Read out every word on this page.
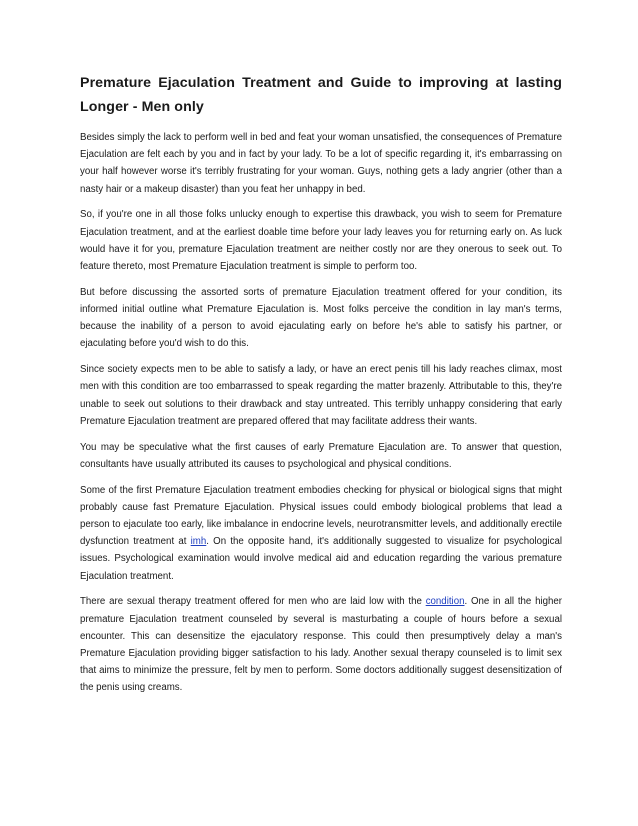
Premature Ejaculation Treatment and Guide to improving at lasting Longer - Men only

Besides simply the lack to perform well in bed and feat your woman unsatisfied, the consequences of Premature Ejaculation are felt each by you and in fact by your lady. To be a lot of specific regarding it, it's embarrassing on your half however worse it's terribly frustrating for your woman. Guys, nothing gets a lady angrier (other than a nasty hair or a makeup disaster) than you feat her unhappy in bed.

So, if you're one in all those folks unlucky enough to expertise this drawback, you wish to seem for Premature Ejaculation treatment, and at the earliest doable time before your lady leaves you for returning early on. As luck would have it for you, premature Ejaculation treatment are neither costly nor are they onerous to seek out. To feature thereto, most Premature Ejaculation treatment is simple to perform too.

But before discussing the assorted sorts of premature Ejaculation treatment offered for your condition, its informed initial outline what Premature Ejaculation is. Most folks perceive the condition in lay man's terms, because the inability of a person to avoid ejaculating early on before he's able to satisfy his partner, or ejaculating before you'd wish to do this.

Since society expects men to be able to satisfy a lady, or have an erect penis till his lady reaches climax, most men with this condition are too embarrassed to speak regarding the matter brazenly. Attributable to this, they're unable to seek out solutions to their drawback and stay untreated. This terribly unhappy considering that early Premature Ejaculation treatment are prepared offered that may facilitate address their wants.

You may be speculative what the first causes of early Premature Ejaculation are. To answer that question, consultants have usually attributed its causes to psychological and physical conditions.

Some of the first Premature Ejaculation treatment embodies checking for physical or biological signs that might probably cause fast Premature Ejaculation. Physical issues could embody biological problems that lead a person to ejaculate too early, like imbalance in endocrine levels, neurotransmitter levels, and additionally erectile dysfunction treatment at imh. On the opposite hand, it's additionally suggested to visualize for psychological issues. Psychological examination would involve medical aid and education regarding the various premature Ejaculation treatment.

There are sexual therapy treatment offered for men who are laid low with the condition. One in all the higher premature Ejaculation treatment counseled by several is masturbating a couple of hours before a sexual encounter. This can desensitize the ejaculatory response. This could then presumptively delay a man's Premature Ejaculation providing bigger satisfaction to his lady. Another sexual therapy counseled is to limit sex that aims to minimize the pressure, felt by men to perform. Some doctors additionally suggest desensitization of the penis using creams.
